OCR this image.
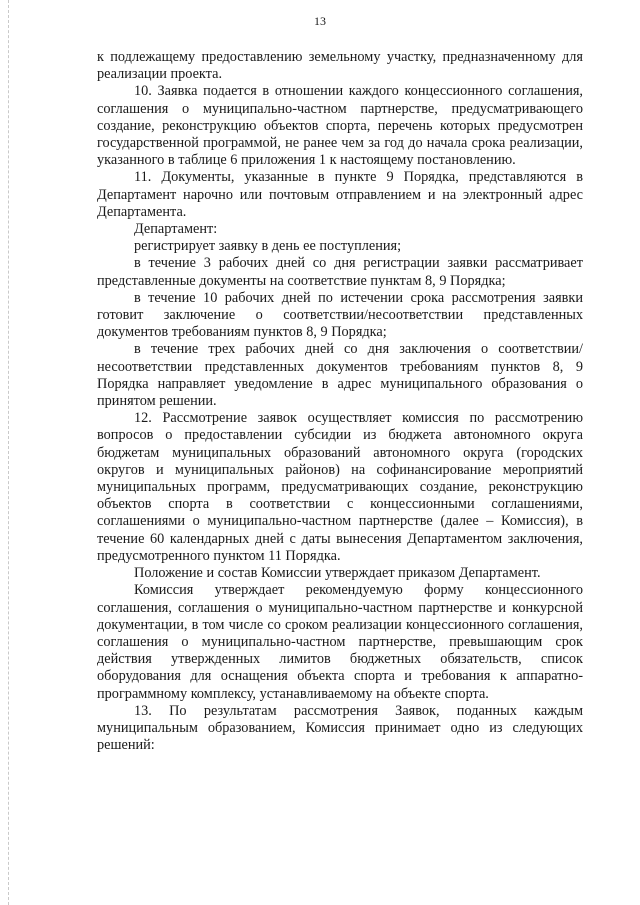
13

к подлежащему предоставлению земельному участку, предназначенному для реализации проекта.

10. Заявка подается в отношении каждого концессионного соглашения, соглашения о муниципально-частном партнерстве, предусматривающего создание, реконструкцию объектов спорта, перечень которых предусмотрен государственной программой, не ранее чем за год до начала срока реализации, указанного в таблице 6 приложения 1 к настоящему постановлению.

11. Документы, указанные в пункте 9 Порядка, представляются в Департамент нарочно или почтовым отправлением и на электронный адрес Департамента.

Департамент:

регистрирует заявку в день ее поступления;

в течение 3 рабочих дней со дня регистрации заявки рассматривает представленные документы на соответствие пунктам 8, 9 Порядка;

в течение 10 рабочих дней по истечении срока рассмотрения заявки готовит заключение о соответствии/несоответствии представленных документов требованиям пунктов 8, 9 Порядка;

в течение трех рабочих дней со дня заключения о соответствии/несоответствии представленных документов требованиям пунктов 8, 9 Порядка направляет уведомление в адрес муниципального образования о принятом решении.

12. Рассмотрение заявок осуществляет комиссия по рассмотрению вопросов о предоставлении субсидии из бюджета автономного округа бюджетам муниципальных образований автономного округа (городских округов и муниципальных районов) на софинансирование мероприятий муниципальных программ, предусматривающих создание, реконструкцию объектов спорта в соответствии с концессионными соглашениями, соглашениями о муниципально-частном партнерстве (далее – Комиссия), в течение 60 календарных дней с даты вынесения Департаментом заключения, предусмотренного пунктом 11 Порядка.

Положение и состав Комиссии утверждает приказом Департамент.

Комиссия утверждает рекомендуемую форму концессионного соглашения, соглашения о муниципально-частном партнерстве и конкурсной документации, в том числе со сроком реализации концессионного соглашения, соглашения о муниципально-частном партнерстве, превышающим срок действия утвержденных лимитов бюджетных обязательств, список оборудования для оснащения объекта спорта и требования к аппаратно-программному комплексу, устанавливаемому на объекте спорта.

13. По результатам рассмотрения Заявок, поданных каждым муниципальным образованием, Комиссия принимает одно из следующих решений:
